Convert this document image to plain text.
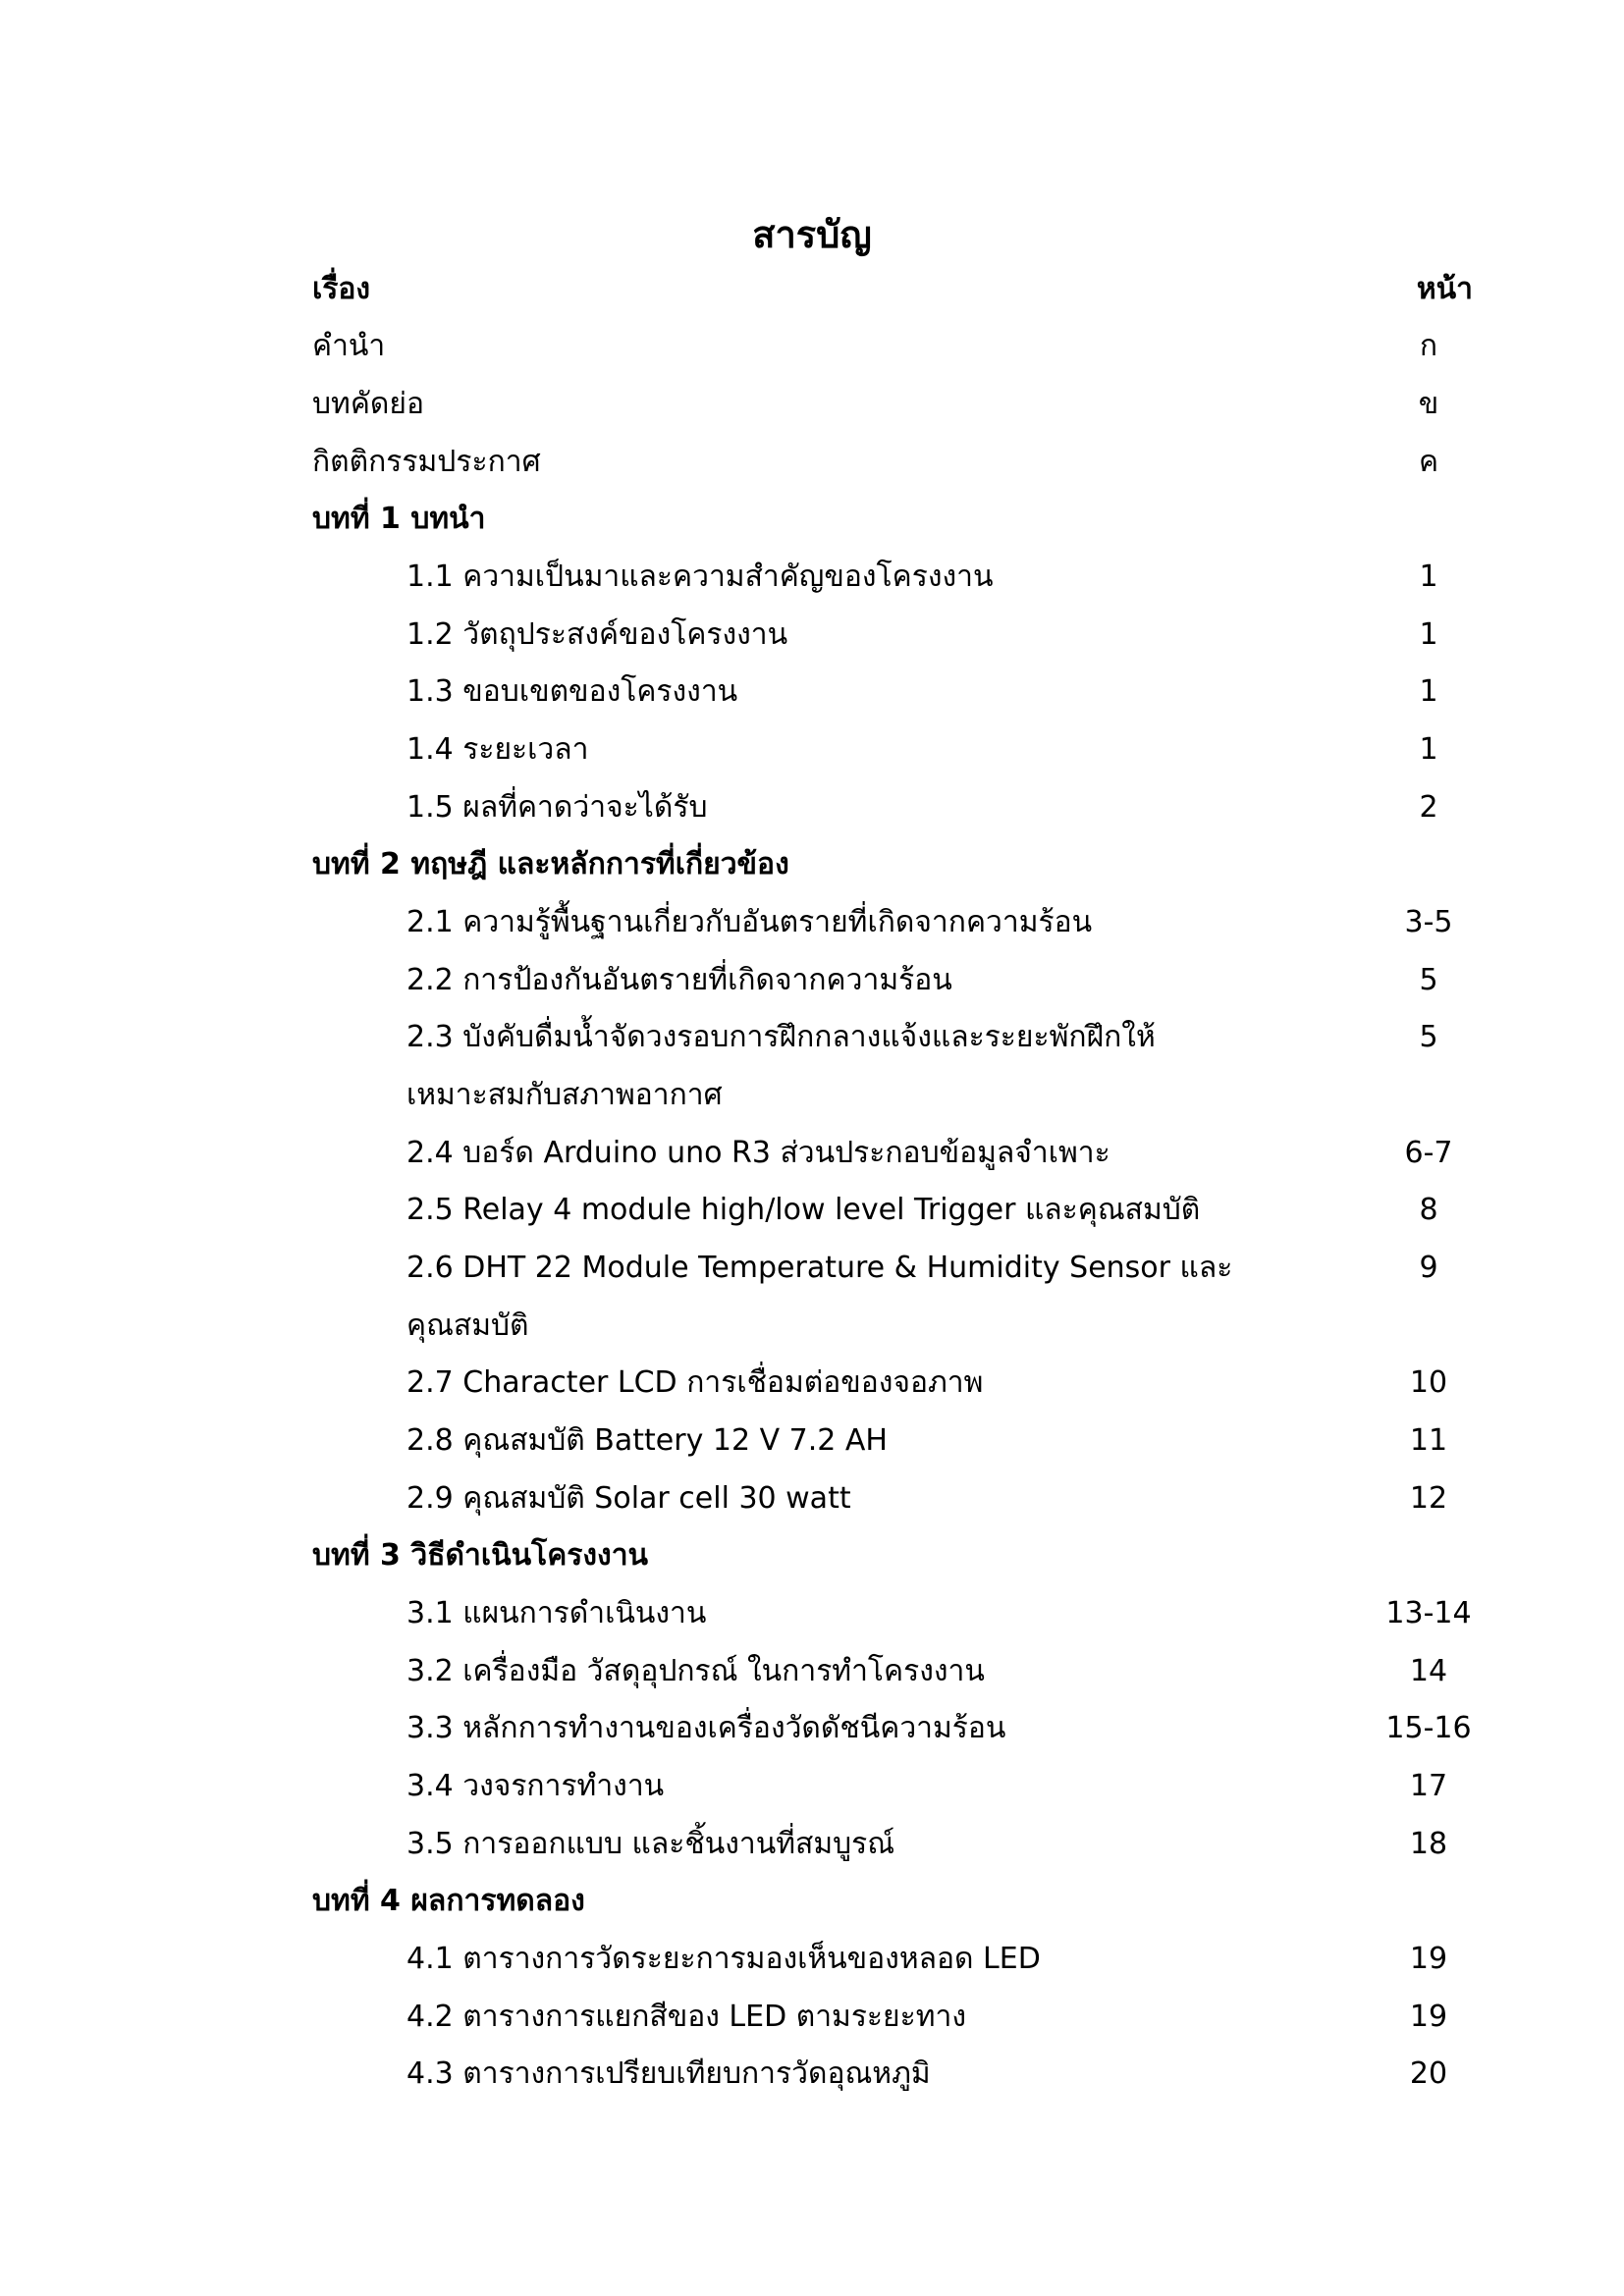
สารบัญ
เรื่อง	หน้า
คำนำ	ก
บทคัดย่อ	ข
กิตติกรรมประกาศ	ค
บทที่ 1 บทนำ
1.1 ความเป็นมาและความสำคัญของโครงงาน	1
1.2 วัตถุประสงค์ของโครงงาน	1
1.3 ขอบเขตของโครงงาน	1
1.4 ระยะเวลา	1
1.5 ผลที่คาดว่าจะได้รับ	2
บทที่ 2 ทฤษฎี และหลักการที่เกี่ยวข้อง
2.1 ความรู้พื้นฐานเกี่ยวกับอันตรายที่เกิดจากความร้อน	3-5
2.2 การป้องกันอันตรายที่เกิดจากความร้อน	5
2.3 บังคับดื่มน้ำจัดวงรอบการฝึกกลางแจ้งและระยะพักฝึกให้	5
เหมาะสมกับสภาพอากาศ
2.4 บอร์ด Arduino uno R3 ส่วนประกอบข้อมูลจำเพาะ	6-7
2.5 Relay 4 module high/low level Trigger และคุณสมบัติ	8
2.6 DHT 22 Module Temperature & Humidity Sensor และ	9
คุณสมบัติ
2.7 Character LCD การเชื่อมต่อของจอภาพ	10
2.8 คุณสมบัติ Battery 12 V 7.2 AH	11
2.9 คุณสมบัติ Solar cell 30 watt	12
บทที่ 3 วิธีดำเนินโครงงาน
3.1 แผนการดำเนินงาน	13-14
3.2 เครื่องมือ วัสดุอุปกรณ์ ในการทำโครงงาน	14
3.3 หลักการทำงานของเครื่องวัดดัชนีความร้อน	15-16
3.4 วงจรการทำงาน	17
3.5 การออกแบบ และชิ้นงานที่สมบูรณ์	18
บทที่ 4 ผลการทดลอง
4.1 ตารางการวัดระยะการมองเห็นของหลอด LED	19
4.2 ตารางการแยกสีของ LED ตามระยะทาง	19
4.3 ตารางการเปรียบเทียบการวัดอุณหภูมิ	20
